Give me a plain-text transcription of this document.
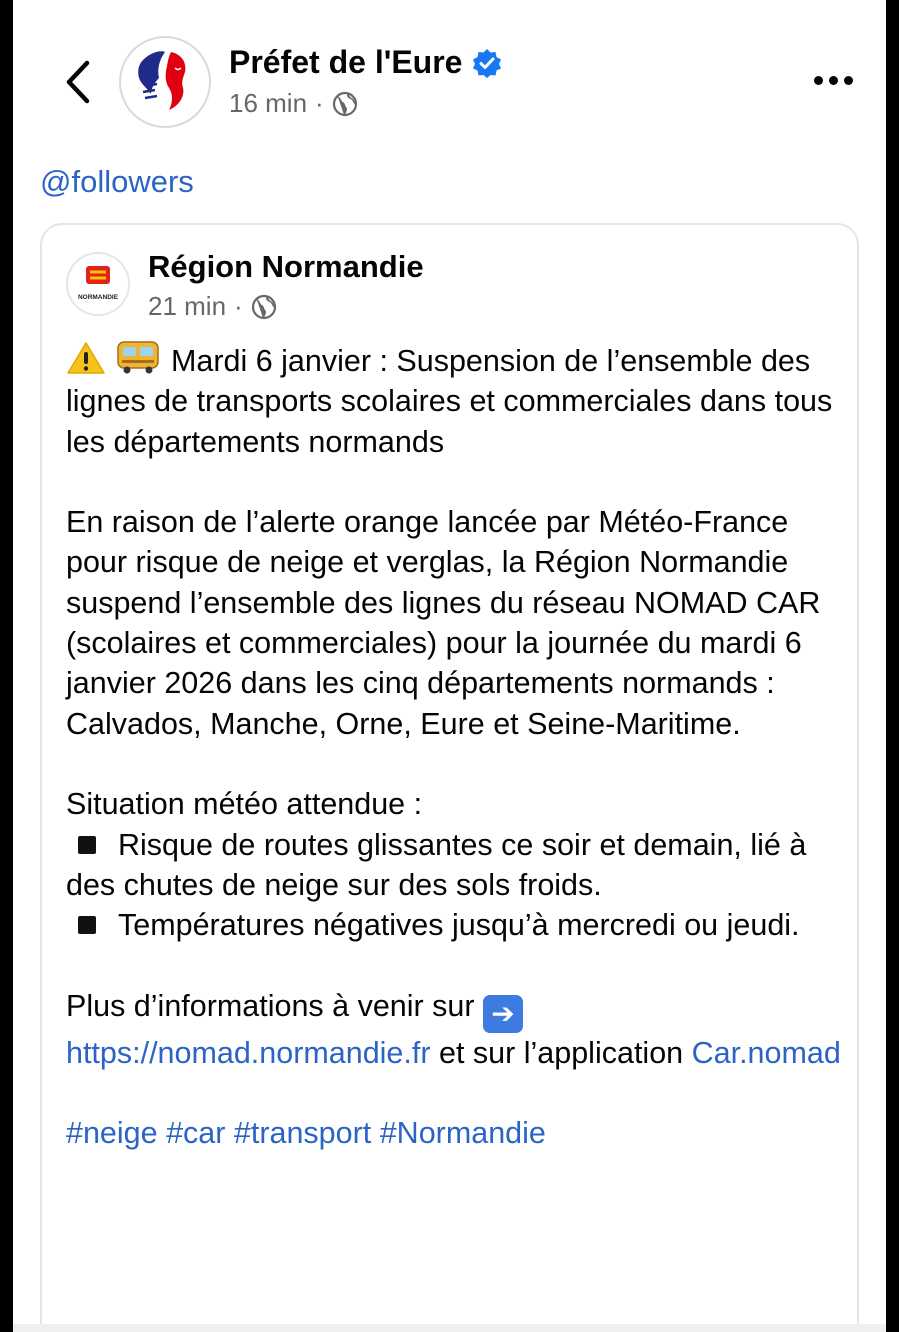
Préfet de l'Eure
16 min ·
@followers
NORMANDIE
Région Normandie
21 min ·

Mardi 6 janvier : Suspension de l’ensemble des lignes de transports scolaires et commerciales dans tous les départements normands

En raison de l’alerte orange lancée par Météo-France pour risque de neige et verglas, la Région Normandie suspend l’ensemble des lignes du réseau NOMAD CAR (scolaires et commerciales) pour la journée du mardi 6 janvier 2026 dans les cinq départements normands : Calvados, Manche, Orne, Eure et Seine-Maritime.

Situation météo attendue :

Risque de routes glissantes ce soir et demain, lié à des chutes de neige sur des sols froids.

Températures négatives jusqu’à mercredi ou jeudi.

Plus d’informations à venir sur ➔ https://nomad.normandie.fr et sur l’application Car.nomad

#neige #car #transport #Normandie
